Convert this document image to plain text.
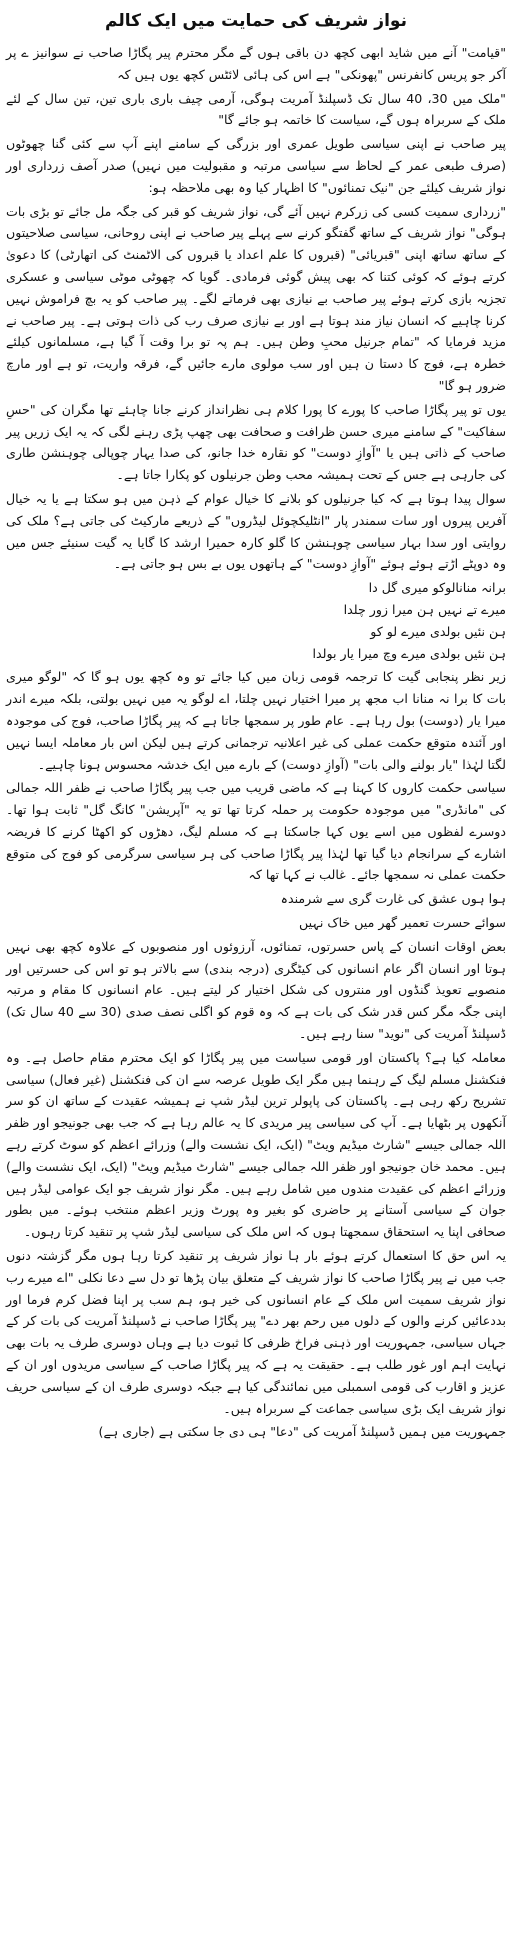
نواز شریف کی حمایت میں ایک کالم

"قیامت" آنے میں شاید ابھی کچھ دن باقی ہوں گے مگر محترم پیر پگاڑا صاحب نے سوانیز ے پر آکر جو پریس کانفرنس "پھونکی" ہے اس کی ہائی لائٹس کچھ یوں ہیں کہ

"ملک میں 30، 40 سال تک ڈسپلنڈ آمریت ہوگی، آرمی چیف باری باری تین، تین سال کے لئے ملک کے سربراہ ہوں گے، سیاست کا خاتمہ ہو جائے گا"

پیر صاحب نے اپنی سیاسی طویل عمری اور بزرگی کے سامنے اپنے آپ سے کئی گنا چھوٹوں (صرف طبعی عمر کے لحاظ سے سیاسی مرتبہ و مقبولیت میں نہیں) صدر آصف زرداری اور نواز شریف کیلئے جن "نیک تمنائوں" کا اظہار کیا وہ بھی ملاحظہ ہو:

"زرداری سمیت کسی کی زرکرم نہیں آئے گی، نواز شریف کو قبر کی جگہ مل جائے تو بڑی بات ہوگی" نواز شریف کے ساتھ گفتگو کرنے سے پہلے پیر صاحب نے اپنی روحانی، سیاسی صلاحیتوں کے ساتھ ساتھ اپنی "قبریائی" (قبروں کا علم اعداد یا قبروں کی الاٹمنٹ کی اتھارٹی) کا دعویٰ کرتے ہوئے کہ کوئی کتنا کہ بھی پیش گوئی فرمادی۔ گویا کہ چھوٹی موٹی سیاسی و عسکری تجزیہ بازی کرتے ہوئے پیر صاحب بے نیازی بھی فرماتے لگے۔ پیر صاحب کو یہ بچ فراموش نہیں کرنا چاہیے کہ انسان نیاز مند ہوتا ہے اور بے نیازی صرف رب کی ذات ہوتی ہے۔ پیر صاحب نے مزید فرمایا کہ "تمام جرنیل محبِ وطن ہیں۔ ہم پہ تو برا وقت آ گیا ہے، مسلمانوں کیلئے خطرہ ہے، فوج کا دستا ن ہیں اور سب مولوی مارے جائیں گے، فرقہ واریت، تو ہے اور مارچ ضرور ہو گا"

یوں تو پیر پگاڑا صاحب کا پورے کا پورا کلام ہی نظرانداز کرنے جانا چاہئے تھا مگران کی "حسِ سفاکیت" کے سامنے میری حسن ظرافت و صحافت بھی چھپ پڑی رہنے لگی کہ یہ ایک زریں پیر صاحب کے ذاتی ہیں یا "آوازِ دوست" کو نقارہ خدا جانو، کی صدا یہار چوپالی چوہنشن طاری کی جارہی ہے جس کے تحت ہمیشہ محب وطن جرنیلوں کو پکارا جاتا ہے۔

سوال پیدا ہوتا ہے کہ کیا جرنیلوں کو بلانے کا خیال عوام کے ذہن میں ہو سکتا ہے یا یہ خیال آفریں پیروں اور سات سمندر پار "انٹلیکچوئل لیڈروں" کے ذریعے مارکیٹ کی جاتی ہے؟ ملک کی روایتی اور سدا بہار سیاسی چوہنشن کا گلو کارہ حمیرا ارشد کا گایا یہ گیت سنیئے جس میں وہ دوپٹے اڑتے ہوئے ہوئے "آوازِ دوست" کے ہاتھوں یوں بے بس ہو جاتی ہے۔

برانہ منانالوکو میری گل دا
میرے تے نہیں ہن میرا زور چلدا
ہن نئیں بولدی میرے لو کو
ہن نئیں بولدی میرے وچ میرا یار بولدا

زیر نظر پنجابی گیت کا ترجمہ قومی زبان میں کیا جائے تو وہ کچھ یوں ہو گا کہ "لوگو میری بات کا برا نہ منانا اب مجھ پر میرا اختیار نہیں چلتا، اے لوگو یہ میں نہیں بولتی، بلکہ میرے اندر میرا یار (دوست) بول رہا ہے۔ عام طور پر سمجھا جاتا ہے کہ پیر پگاڑا صاحب، فوج کی موجودہ اور آئندہ متوقع حکمت عملی کی غیر اعلانیہ ترجمانی کرتے ہیں لیکن اس بار معاملہ ایسا نہیں لگتا لہٰذا "یار بولنے والی بات" (آوازِ دوست) کے بارے میں ایک خدشہ محسوس ہونا چاہیے۔

سیاسی حکمت کاروں کا کہنا ہے کہ ماضی قریب میں جب پیر پگاڑا صاحب نے ظفر اللہ جمالی کی "مانڈری" میں موجودہ حکومت پر حملہ کرتا تھا تو یہ "آپریشن" کانگ گل" ثابت ہوا تھا۔ دوسرے لفظوں میں اسے یوں کہا جاسکتا ہے کہ مسلم لیگ، دھڑوں کو اکھٹا کرنے کا فریضہ اشارے کے سرانجام دیا گیا تھا لہٰذا پیر پگاڑا صاحب کی ہر سیاسی سرگرمی کو فوج کی متوقع حکمت عملی نہ سمجھا جائے۔ غالب نے کہا تھا کہ

ہوا ہوں عشق کی غارت گری سے شرمندہ

سوائے حسرت تعمیر گھر میں خاک نہیں

بعض اوقات انسان کے پاس حسرتوں، تمنائوں، آرزوئوں اور منصوبوں کے علاوہ کچھ بھی نہیں ہوتا اور انسان اگر عام انسانوں کی کیٹگری (درجہ بندی) سے بالاتر ہو تو اس کی حسرتیں اور منصوبے تعویذ گنڈوں اور منتروں کی شکل اختیار کر لیتے ہیں۔ عام انسانوں کا مقام و مرتبہ اپنی جگہ مگر کس قدر شک کی بات ہے کہ وہ قوم کو اگلی نصف صدی (30 سے 40 سال تک) ڈسپلنڈ آمریت کی "نوید" سنا رہے ہیں۔

معاملہ کیا ہے؟ پاکستان اور قومی سیاست میں پیر پگاڑا کو ایک محترم مقام حاصل ہے۔ وہ فنکشنل مسلم لیگ کے رہنما ہیں مگر ایک طویل عرصہ سے ان کی فنکشنل (غیر فعال) سیاسی تشریح رکھ رہی ہے۔ پاکستان کی پاپولر ترین لیڈر شپ نے ہمیشہ عقیدت کے ساتھ ان کو سر آنکھوں پر بٹھایا ہے۔ آپ کی سیاسی پیر مریدی کا یہ عالم رہا ہے کہ جب بھی جونیجو اور ظفر اللہ جمالی جیسے "شارٹ میڈیم ویٹ" (ایک، ایک نشست والے) وزرائے اعظم کو سوٹ کرتے رہے ہیں۔ محمد خان جونیجو اور ظفر اللہ جمالی جیسے "شارٹ میڈیم ویٹ" (ایک، ایک نشست والے) وزرائے اعظم کی عقیدت مندوں میں شامل رہے ہیں۔ مگر نواز شریف جو ایک عوامی لیڈر ہیں جوان کے سیاسی آستانے پر حاضری کو بغیر وہ پورٹ وزیر اعظم منتخب ہوئے۔ میں بطور صحافی اپنا یہ استحقاق سمجھتا ہوں کہ اس ملک کی سیاسی لیڈر شپ پر تنقید کرتا رہوں۔

یہ اس حق کا استعمال کرتے ہوئے بار ہا نواز شریف پر تنقید کرتا رہا ہوں مگر گزشتہ دنوں جب میں نے پیر پگاڑا صاحب کا نواز شریف کے متعلق بیان پڑھا تو دل سے دعا نکلی "اے میرے رب نواز شریف سمیت اس ملک کے عام انسانوں کی خیر ہو، ہم سب پر اپنا فضل کرم فرما اور بددعائیں کرنے والوں کے دلوں میں رحم بھر دے" پیر پگاڑا صاحب نے ڈسپلنڈ آمریت کی بات کر کے جہاں سیاسی، جمہوریت اور ذہنی فراخ ظرفی کا ثبوت دیا ہے وہاں دوسری طرف یہ بات بھی نہایت اہم اور غور طلب ہے۔ حقیقت یہ ہے کہ پیر پگاڑا صاحب کے سیاسی مریدوں اور ان کے عزیز و اقارب کی قومی اسمبلی میں نمائندگی کیا ہے جبکہ دوسری طرف ان کے سیاسی حریف نواز شریف ایک بڑی سیاسی جماعت کے سربراہ ہیں۔

جمہوریت میں ہمیں ڈسپلنڈ آمریت کی "دعا" ہی دی جا سکتی ہے (جاری ہے)
